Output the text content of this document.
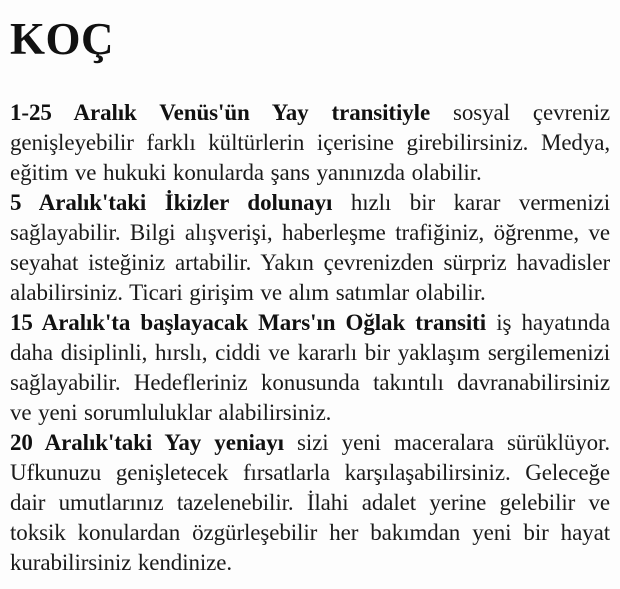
KOÇ

1-25 Aralık Venüs'ün Yay transitiyle sosyal çevreniz genişleyebilir farklı kültürlerin içerisine girebilirsiniz. Medya, eğitim ve hukuki konularda şans yanınızda olabilir.

5 Aralık'taki İkizler dolunayı hızlı bir karar vermenizi sağlayabilir. Bilgi alışverişi, haberleşme trafiğiniz, öğrenme, ve seyahat isteğiniz artabilir. Yakın çevrenizden sürpriz havadisler alabilirsiniz. Ticari girişim ve alım satımlar olabilir.

15 Aralık'ta başlayacak Mars'ın Oğlak transiti iş hayatında daha disiplinli, hırslı, ciddi ve kararlı bir yaklaşım sergilemenizi sağlayabilir. Hedefleriniz konusunda takıntılı davranabilirsiniz ve yeni sorumluluklar alabilirsiniz.

20 Aralık'taki Yay yeniayı sizi yeni maceralara sürüklüyor. Ufkunuzu genişletecek fırsatlarla karşılaşabilirsiniz. Geleceğe dair umutlarınız tazelenebilir. İlahi adalet yerine gelebilir ve toksik konulardan özgürleşebilir her bakımdan yeni bir hayat kurabilirsiniz kendinize.
